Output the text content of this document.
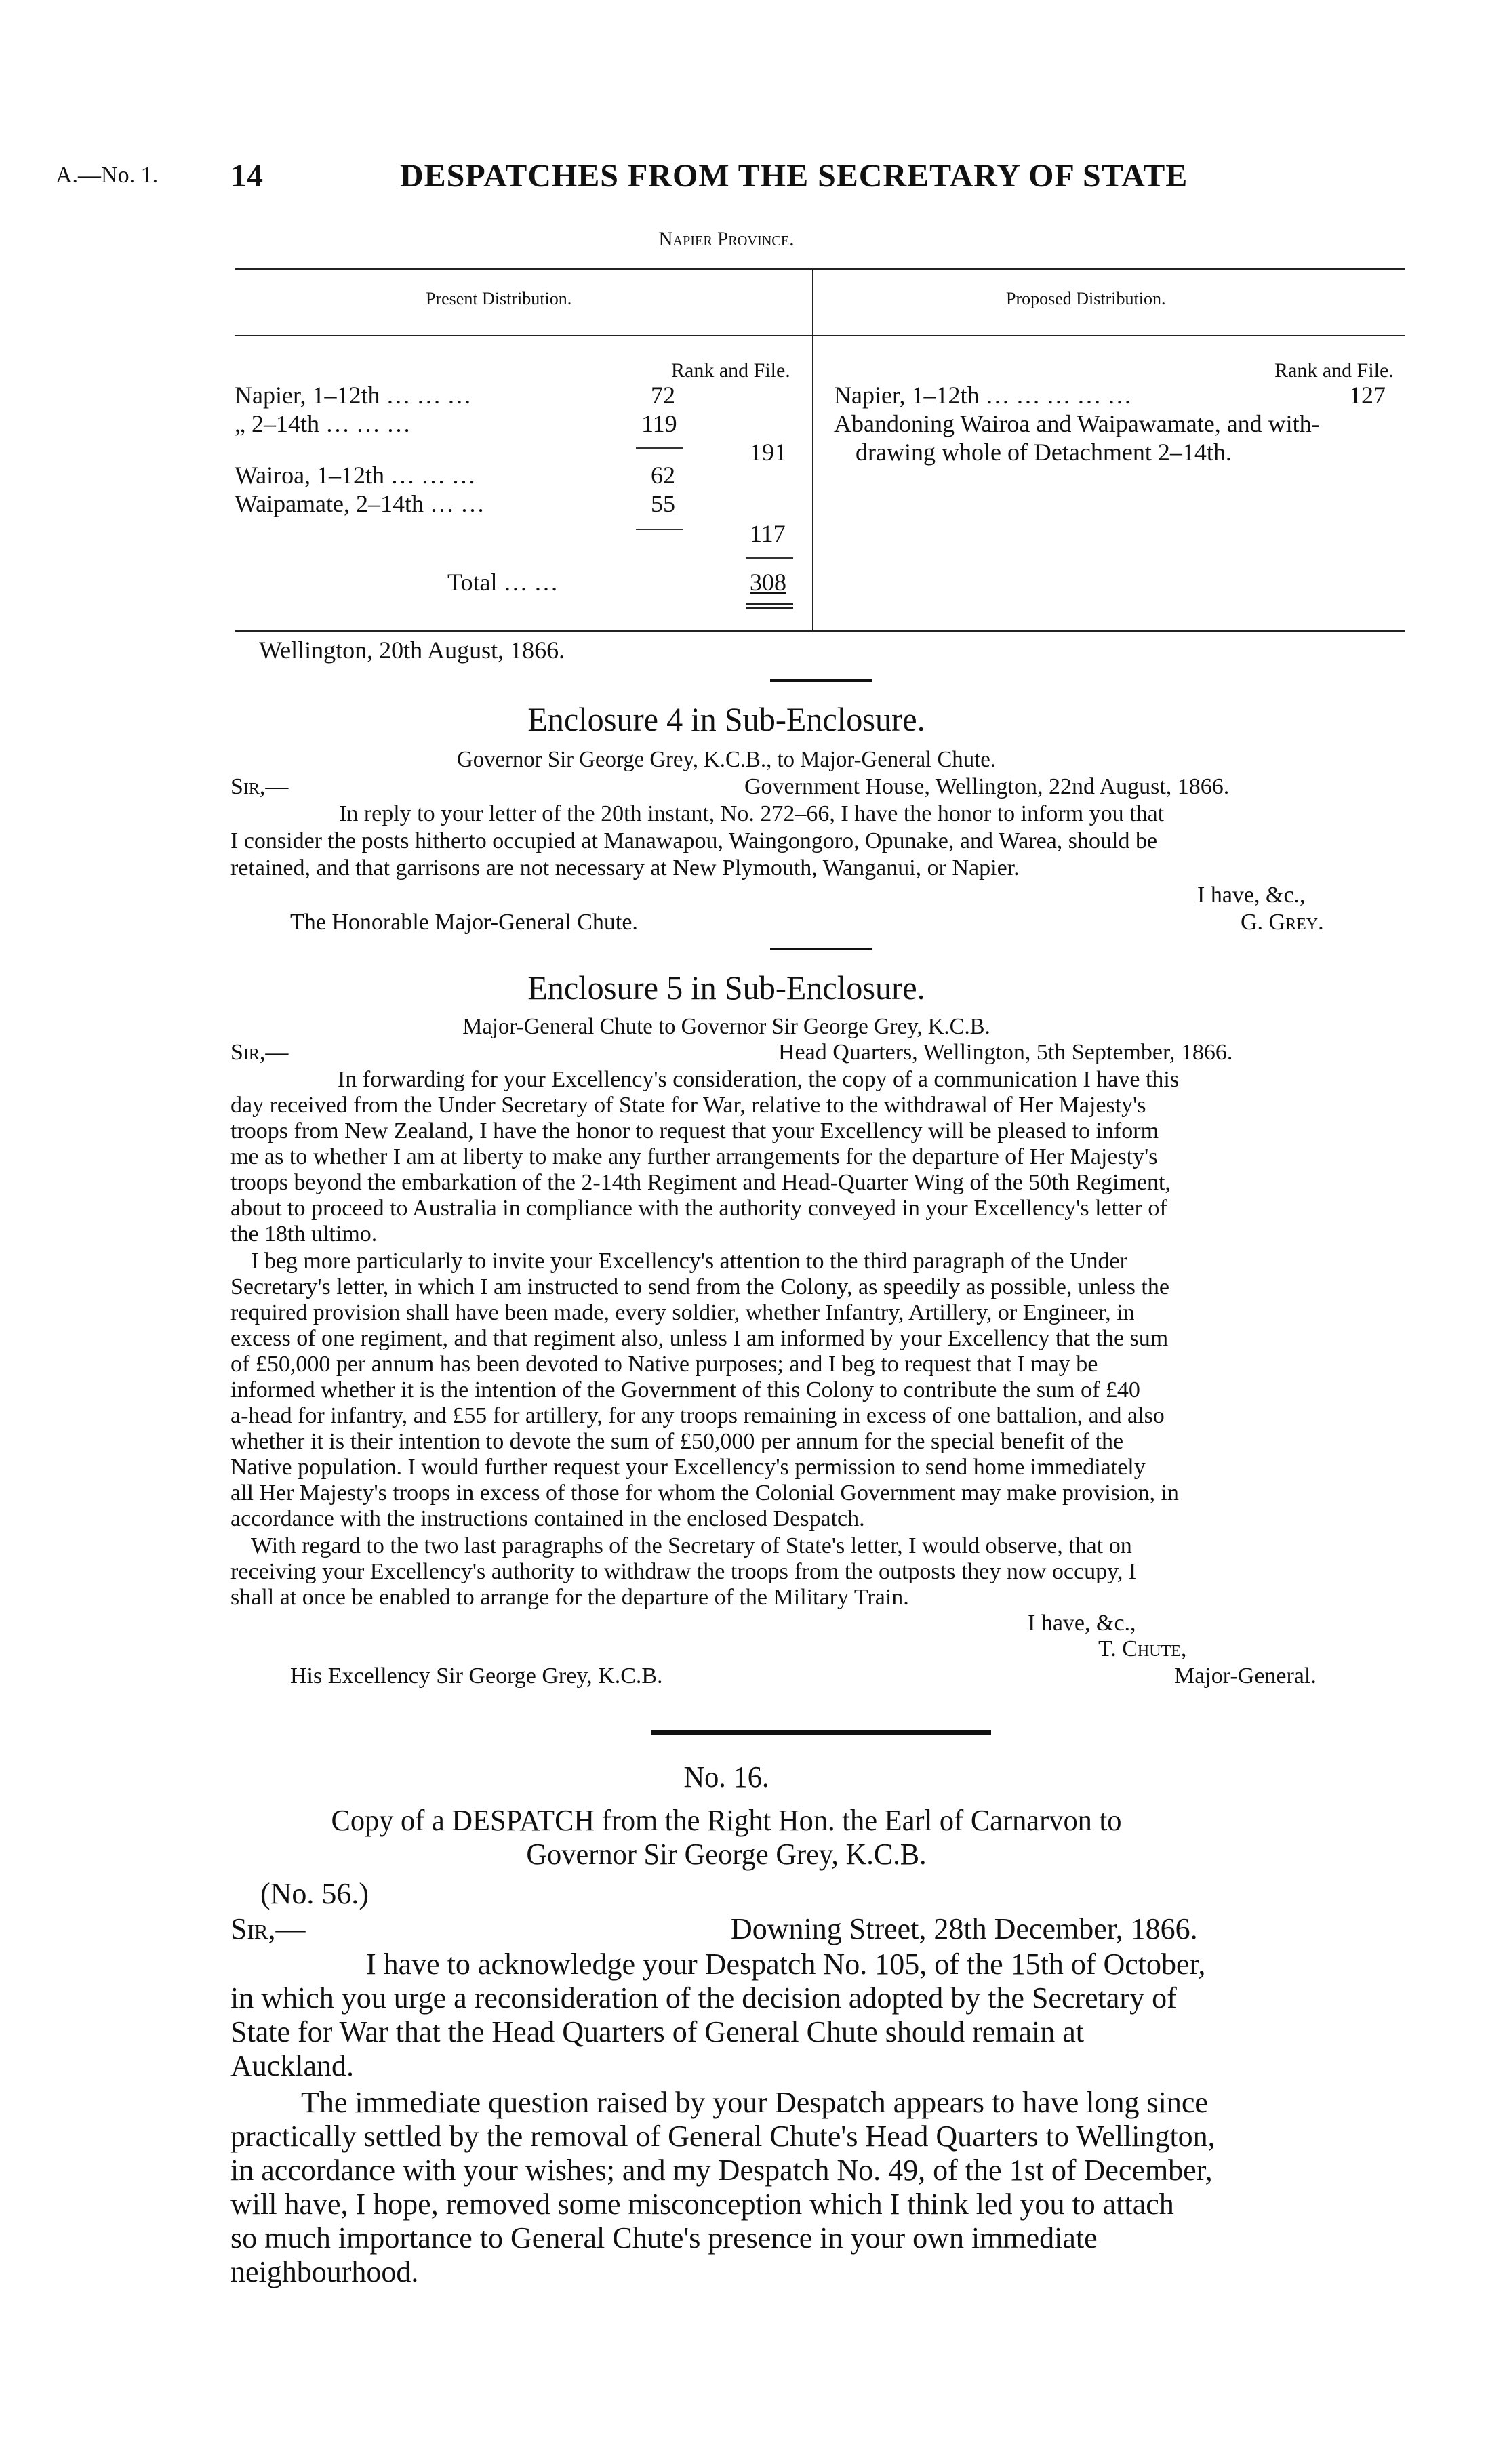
A.—No. 1. 14	DESPATCHES FROM THE SECRETARY OF STATE
Napier Province.
Present Distribution.	Proposed Distribution.
Rank and File.	Rank and File.
Napier, 1–12th … … …	72
„ 2–14th … … …	119
191
Wairoa, 1–12th … … …	62
Waipamate, 2–14th … …	55
117
Total … …	308
Napier, 1–12th … … … … …	127
Abandoning Wairoa and Waipawamate, and with-
drawing whole of Detachment 2–14th.
Wellington, 20th August, 1866.
Enclosure 4 in Sub-Enclosure.
Governor Sir George Grey, K.C.B., to Major-General Chute.
Sir,—	Government House, Wellington, 22nd August, 1866.
In reply to your letter of the 20th instant, No. 272–66, I have the honor to inform you that
I consider the posts hitherto occupied at Manawapou, Waingongoro, Opunake, and Warea, should be
retained, and that garrisons are not necessary at New Plymouth, Wanganui, or Napier.
I have, &c.,
The Honorable Major-General Chute.	G. Grey.
Enclosure 5 in Sub-Enclosure.
Major-General Chute to Governor Sir George Grey, K.C.B.
Sir,—	Head Quarters, Wellington, 5th September, 1866.
In forwarding for your Excellency's consideration, the copy of a communication I have this
day received from the Under Secretary of State for War, relative to the withdrawal of Her Majesty's
troops from New Zealand, I have the honor to request that your Excellency will be pleased to inform
me as to whether I am at liberty to make any further arrangements for the departure of Her Majesty's
troops beyond the embarkation of the 2-14th Regiment and Head-Quarter Wing of the 50th Regiment,
about to proceed to Australia in compliance with the authority conveyed in your Excellency's letter of
the 18th ultimo.
I beg more particularly to invite your Excellency's attention to the third paragraph of the Under
Secretary's letter, in which I am instructed to send from the Colony, as speedily as possible, unless the
required provision shall have been made, every soldier, whether Infantry, Artillery, or Engineer, in
excess of one regiment, and that regiment also, unless I am informed by your Excellency that the sum
of £50,000 per annum has been devoted to Native purposes; and I beg to request that I may be
informed whether it is the intention of the Government of this Colony to contribute the sum of £40
a-head for infantry, and £55 for artillery, for any troops remaining in excess of one battalion, and also
whether it is their intention to devote the sum of £50,000 per annum for the special benefit of the
Native population. I would further request your Excellency's permission to send home immediately
all Her Majesty's troops in excess of those for whom the Colonial Government may make provision, in
accordance with the instructions contained in the enclosed Despatch.
With regard to the two last paragraphs of the Secretary of State's letter, I would observe, that on
receiving your Excellency's authority to withdraw the troops from the outposts they now occupy, I
shall at once be enabled to arrange for the departure of the Military Train.
I have, &c.,
T. Chute,
His Excellency Sir George Grey, K.C.B.	Major-General.
No. 16.
Copy of a DESPATCH from the Right Hon. the Earl of Carnarvon to
Governor Sir George Grey, K.C.B.
(No. 56.)
Sir,—	Downing Street, 28th December, 1866.
I have to acknowledge your Despatch No. 105, of the 15th of October,
in which you urge a reconsideration of the decision adopted by the Secretary of
State for War that the Head Quarters of General Chute should remain at
Auckland.
The immediate question raised by your Despatch appears to have long since
practically settled by the removal of General Chute's Head Quarters to Wellington,
in accordance with your wishes; and my Despatch No. 49, of the 1st of December,
will have, I hope, removed some misconception which I think led you to attach
so much importance to General Chute's presence in your own immediate
neighbourhood.
